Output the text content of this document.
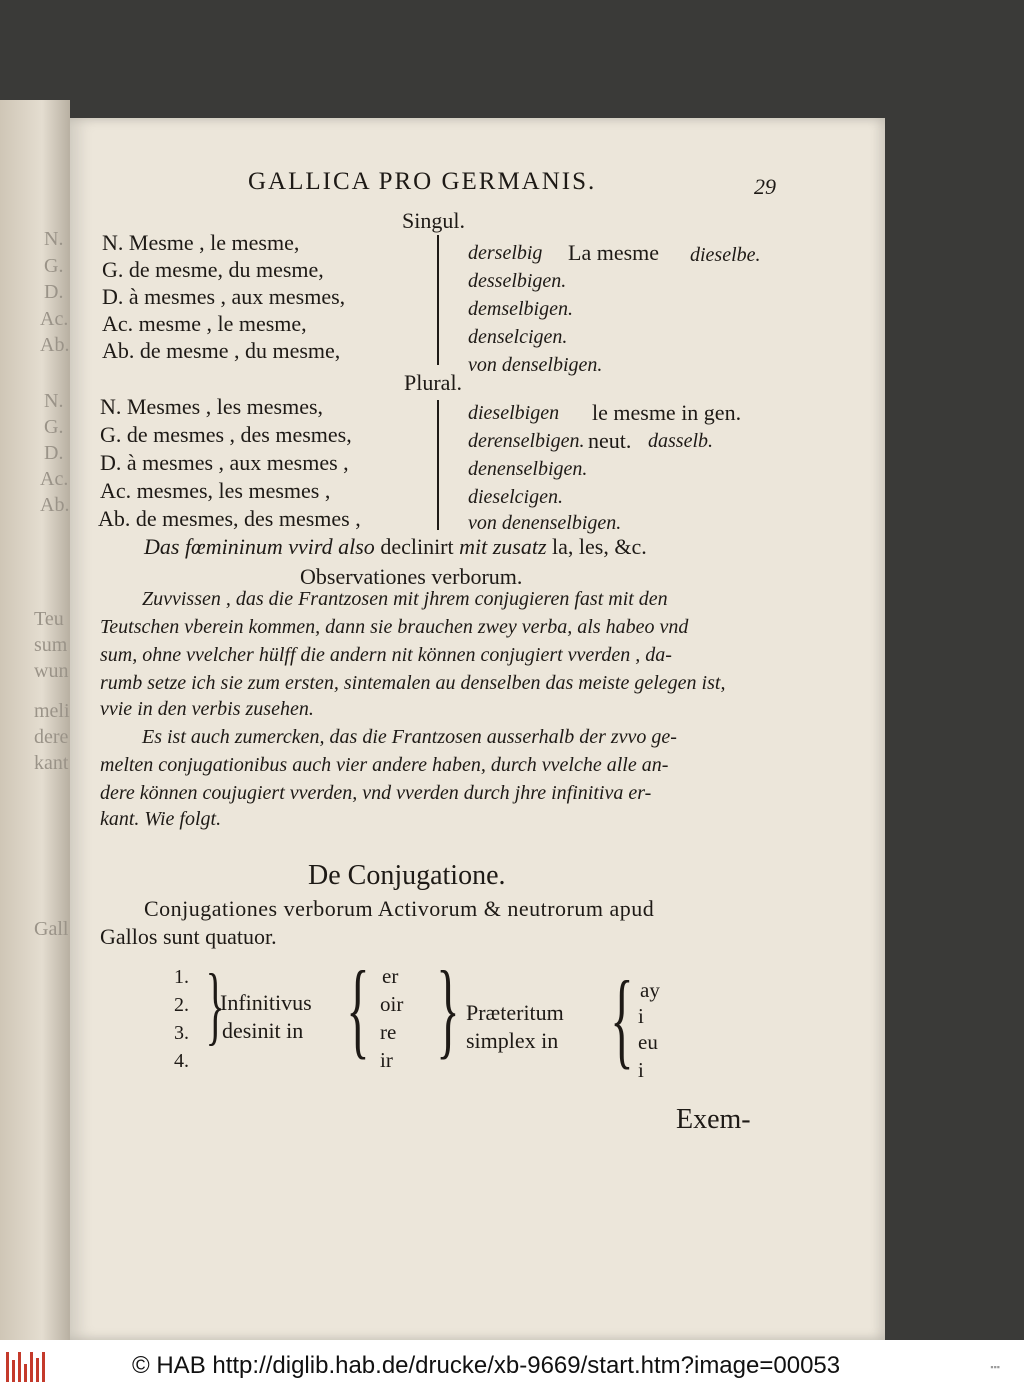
N.
G.
D.
Ac.
Ab.
N.
G.
D.
Ac.
Ab.
Teu
sum
wun
meli
dere
kant
Gall
GALLICA PRO GERMANIS.	29
Singul.
N. Mesme , le mesme,
G. de mesme, du mesme,
D. à mesmes , aux mesmes,
Ac. mesme , le mesme,
Ab. de mesme , du mesme,
derselbig La mesme dieselbe.
desselbigen.
demselbigen.
denselcigen.
von denselbigen.
Plural.
N. Mesmes , les mesmes,
G. de mesmes , des mesmes,
D. à mesmes , aux mesmes ,
Ac. mesmes, les mesmes ,
Ab. de mesmes, des mesmes ,
dieselbigen le mesme in gen.
derenselbigen. neut. dasselb.
denenselbigen.
dieselcigen.
von denenselbigen.
Das fœmininum vvird also declinirt mit zusatz la, les, &c.
Observationes verborum.
Zuvvissen , das die Frantzosen mit jhrem conjugieren fast mit den
Teutschen vberein kommen, dann sie brauchen zwey verba, als habeo vnd
sum, ohne vvelcher hülff die andern nit können conjugiert vverden , da-
rumb setze ich sie zum ersten, sintemalen au denselben das meiste gelegen ist,
vvie in den verbis zusehen.
Es ist auch zumercken, das die Frantzosen ausserhalb der zvvo ge-
melten conjugationibus auch vier andere haben, durch vvelche alle an-
dere können coujugiert vverden, vnd vverden durch jhre infinitiva er-
kant. Wie folgt.
De Conjugatione.
Conjugationes verborum Activorum & neutrorum apud
Gallos sunt quatuor.
1.
2.
3.
4.
}
Infinitivus
desinit in { er
oir
re
ir } Præteritum
simplex in { ay
i
eu
i
Exem-
© HAB http://diglib.hab.de/drucke/xb-9669/start.htm?image=00053	▪▪▪
